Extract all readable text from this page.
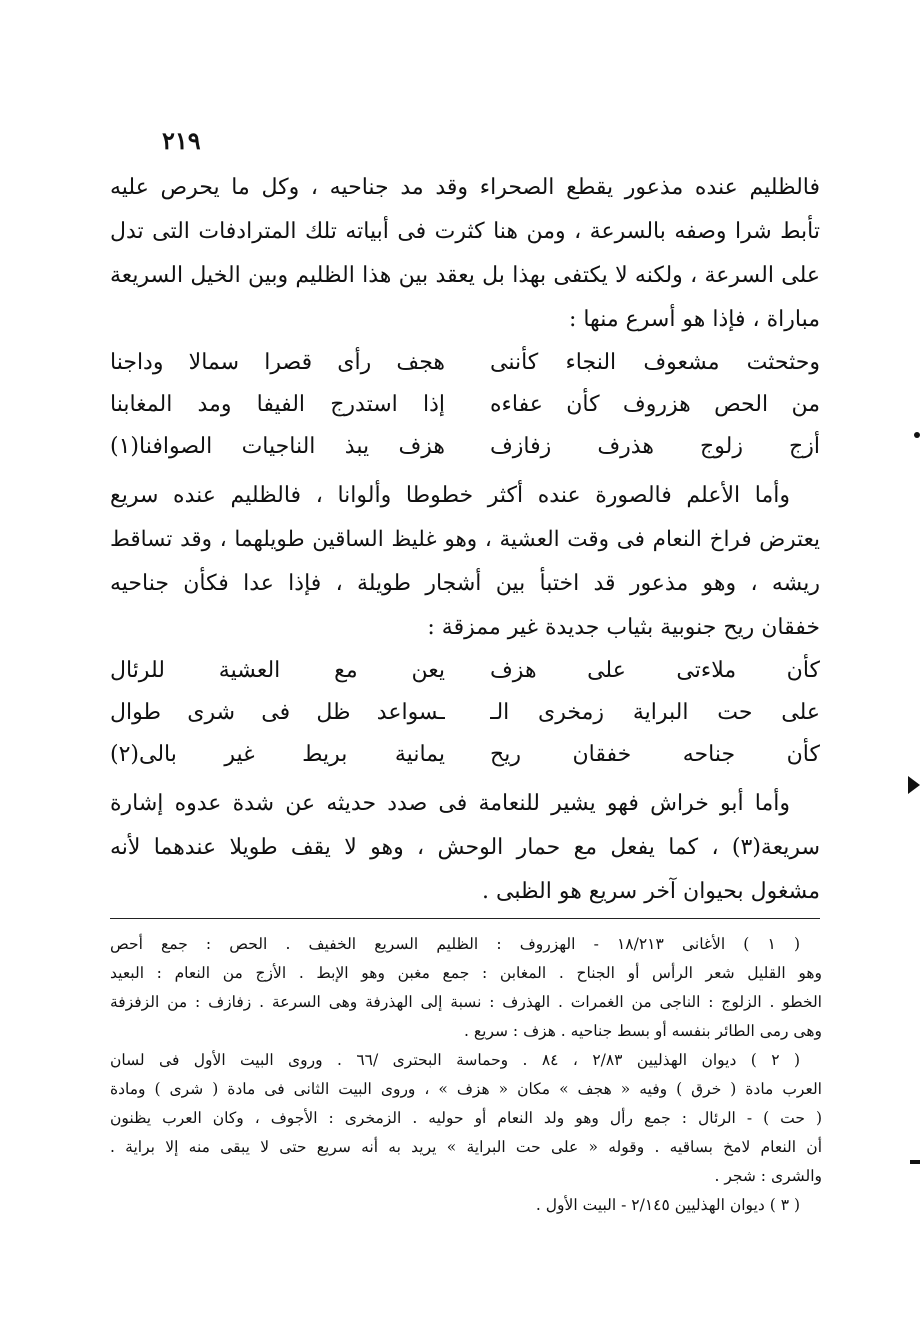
٢١٩
فالظليم عنده مذعور يقطع الصحراء وقد مد جناحيه ، وكل ما يحرص عليه
تأبط شرا وصفه بالسرعة ، ومن هنا كثرت فى أبياته تلك المترادفات التى تدل
على السرعة ، ولكنه لا يكتفى بهذا بل يعقد بين هذا الظليم وبين الخيل السريعة
مباراة ، فإذا هو أسرع منها :
وحثحثت مشعوف النجاء كأننى
هجف رأى قصرا سمالا وداجنا
من الحص هزروف كأن عفاءه
إذا استدرج الفيفا ومد المغابنا
أزج زلوج هذرف زفازف
هزف يبذ الناجيات الصوافنا(١)
وأما الأعلم فالصورة عنده أكثر خطوطا وألوانا ، فالظليم عنده سريع
يعترض فراخ النعام فى وقت العشية ، وهو غليظ الساقين طويلهما ، وقد تساقط
ريشه ، وهو مذعور قد اختبأ بين أشجار طويلة ، فإذا عدا فكأن جناحيه
خفقان ريح جنوبية بثياب جديدة غير ممزقة :
كأن ملاءتى على هزف
يعن مع العشية للرئال
على حت البراية زمخرى الـ
ـسواعد ظل فى شرى طوال
كأن جناحه خفقان ريح
يمانية بريط غير بالى(٢)
وأما أبو خراش فهو يشير للنعامة فى صدد حديثه عن شدة عدوه إشارة
سريعة(٣) ، كما يفعل مع حمار الوحش ، وهو لا يقف طويلا عندهما لأنه
مشغول بحيوان آخر سريع هو الظبى .
( ١ ) الأغانى ١٨/٢١٣ - الهزروف : الظليم السريع الخفيف . الحص : جمع أحص
وهو القليل شعر الرأس أو الجناح . المغابن : جمع مغبن وهو الإبط . الأزج من النعام : البعيد
الخطو . الزلوج : الناجى من الغمرات . الهذرف : نسبة إلى الهذرفة وهى السرعة . زفازف : من الزفزفة
وهى رمى الطائر بنفسه أو بسط جناحيه . هزف : سريع .
( ٢ ) ديوان الهذليين ٢/٨٣ ، ٨٤ . وحماسة البحترى /٦٦ . وروى البيت الأول فى لسان
العرب مادة ( خرق ) وفيه « هجف » مكان « هزف » ، وروى البيت الثانى فى مادة ( شرى ) ومادة
( حت ) - الرئال : جمع رأل وهو ولد النعام أو حوليه . الزمخرى : الأجوف ، وكان العرب يظنون
أن النعام لامخ بساقيه . وقوله « على حت البراية » يريد به أنه سريع حتى لا يبقى منه إلا براية .
والشرى : شجر .
( ٣ ) ديوان الهذليين ٢/١٤٥ - البيت الأول .
